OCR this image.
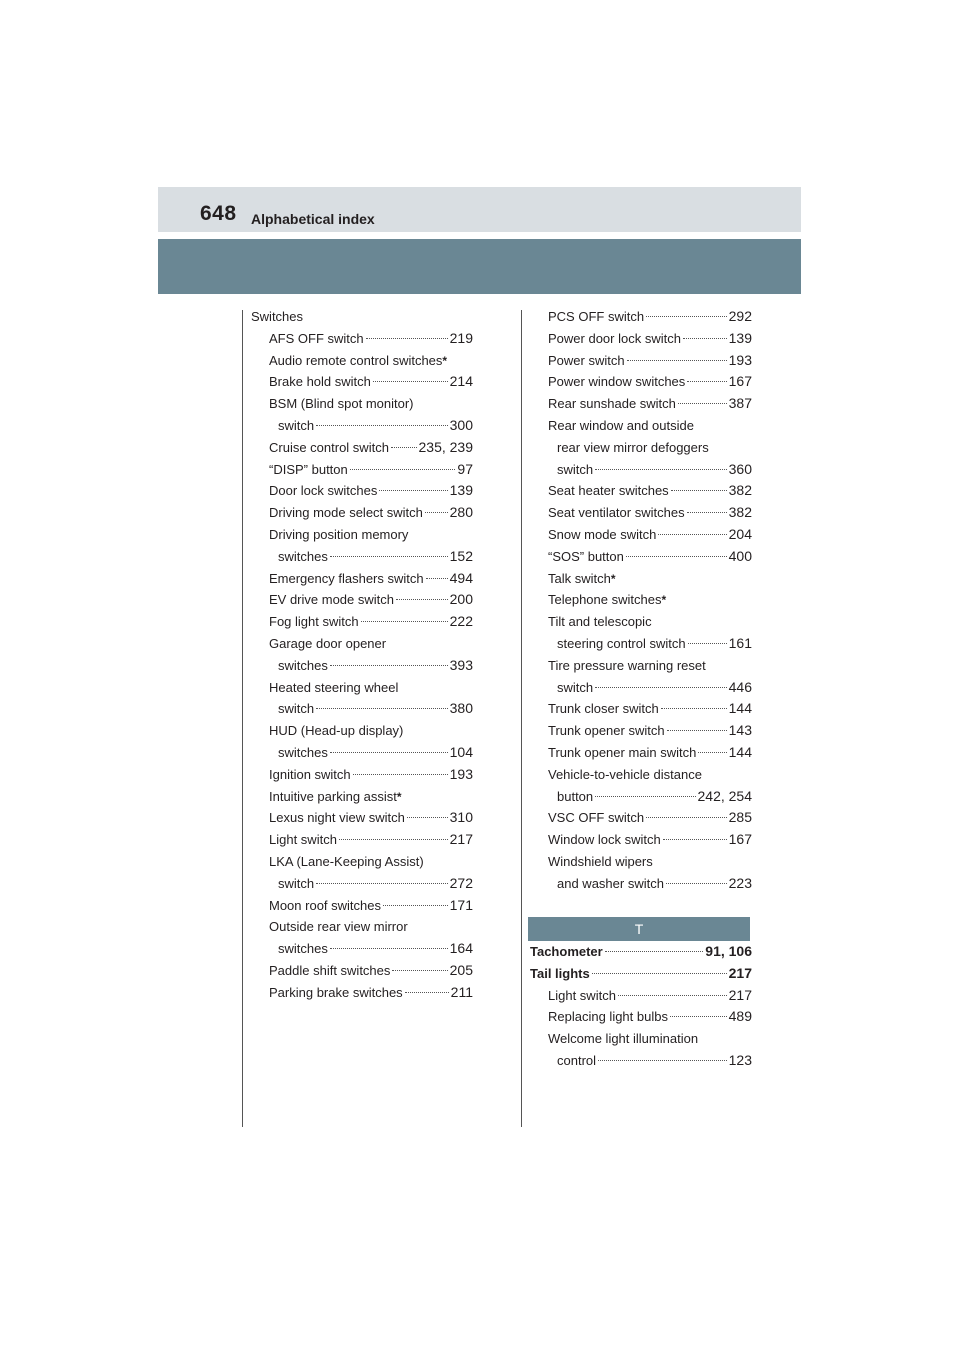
648 Alphabetical index
Switches
AFS OFF switch	219
Audio remote control switches *
Brake hold switch	214
BSM (Blind spot monitor)
switch	300
Cruise control switch 235, 239
“DISP” button	97
Door lock switches	139
Driving mode select switch 280
Driving position memory
switches	152
Emergency flashers switch 494
EV drive mode switch	200
Fog light switch	222
Garage door opener
switches	393
Heated steering wheel
switch	380
HUD (Head-up display)
switches	104
Ignition switch	193
Intuitive parking assist *
Lexus night view switch	310
Light switch	217
LKA (Lane-Keeping Assist)
switch	272
Moon roof switches	171
Outside rear view mirror
switches	164
Paddle shift switches	205
Parking brake switches	211
PCS OFF switch	292
Power door lock switch	139
Power switch	193
Power window switches	167
Rear sunshade switch	387
Rear window and outside
rear view mirror defoggers
switch	360
Seat heater switches	382
Seat ventilator switches	382
Snow mode switch	204
“SOS” button	400
Talk switch *
Telephone switches *
Tilt and telescopic
steering control switch	161
Tire pressure warning reset
switch	446
Trunk closer switch	144
Trunk opener switch	143
Trunk opener main switch 144
Vehicle-to-vehicle distance
button	242, 254
VSC OFF switch	285
Window lock switch	167
Windshield wipers
and washer switch	223
T
Tachometer	91, 106
Tail lights	217
Light switch	217
Replacing light bulbs	489
Welcome light illumination
control	123
